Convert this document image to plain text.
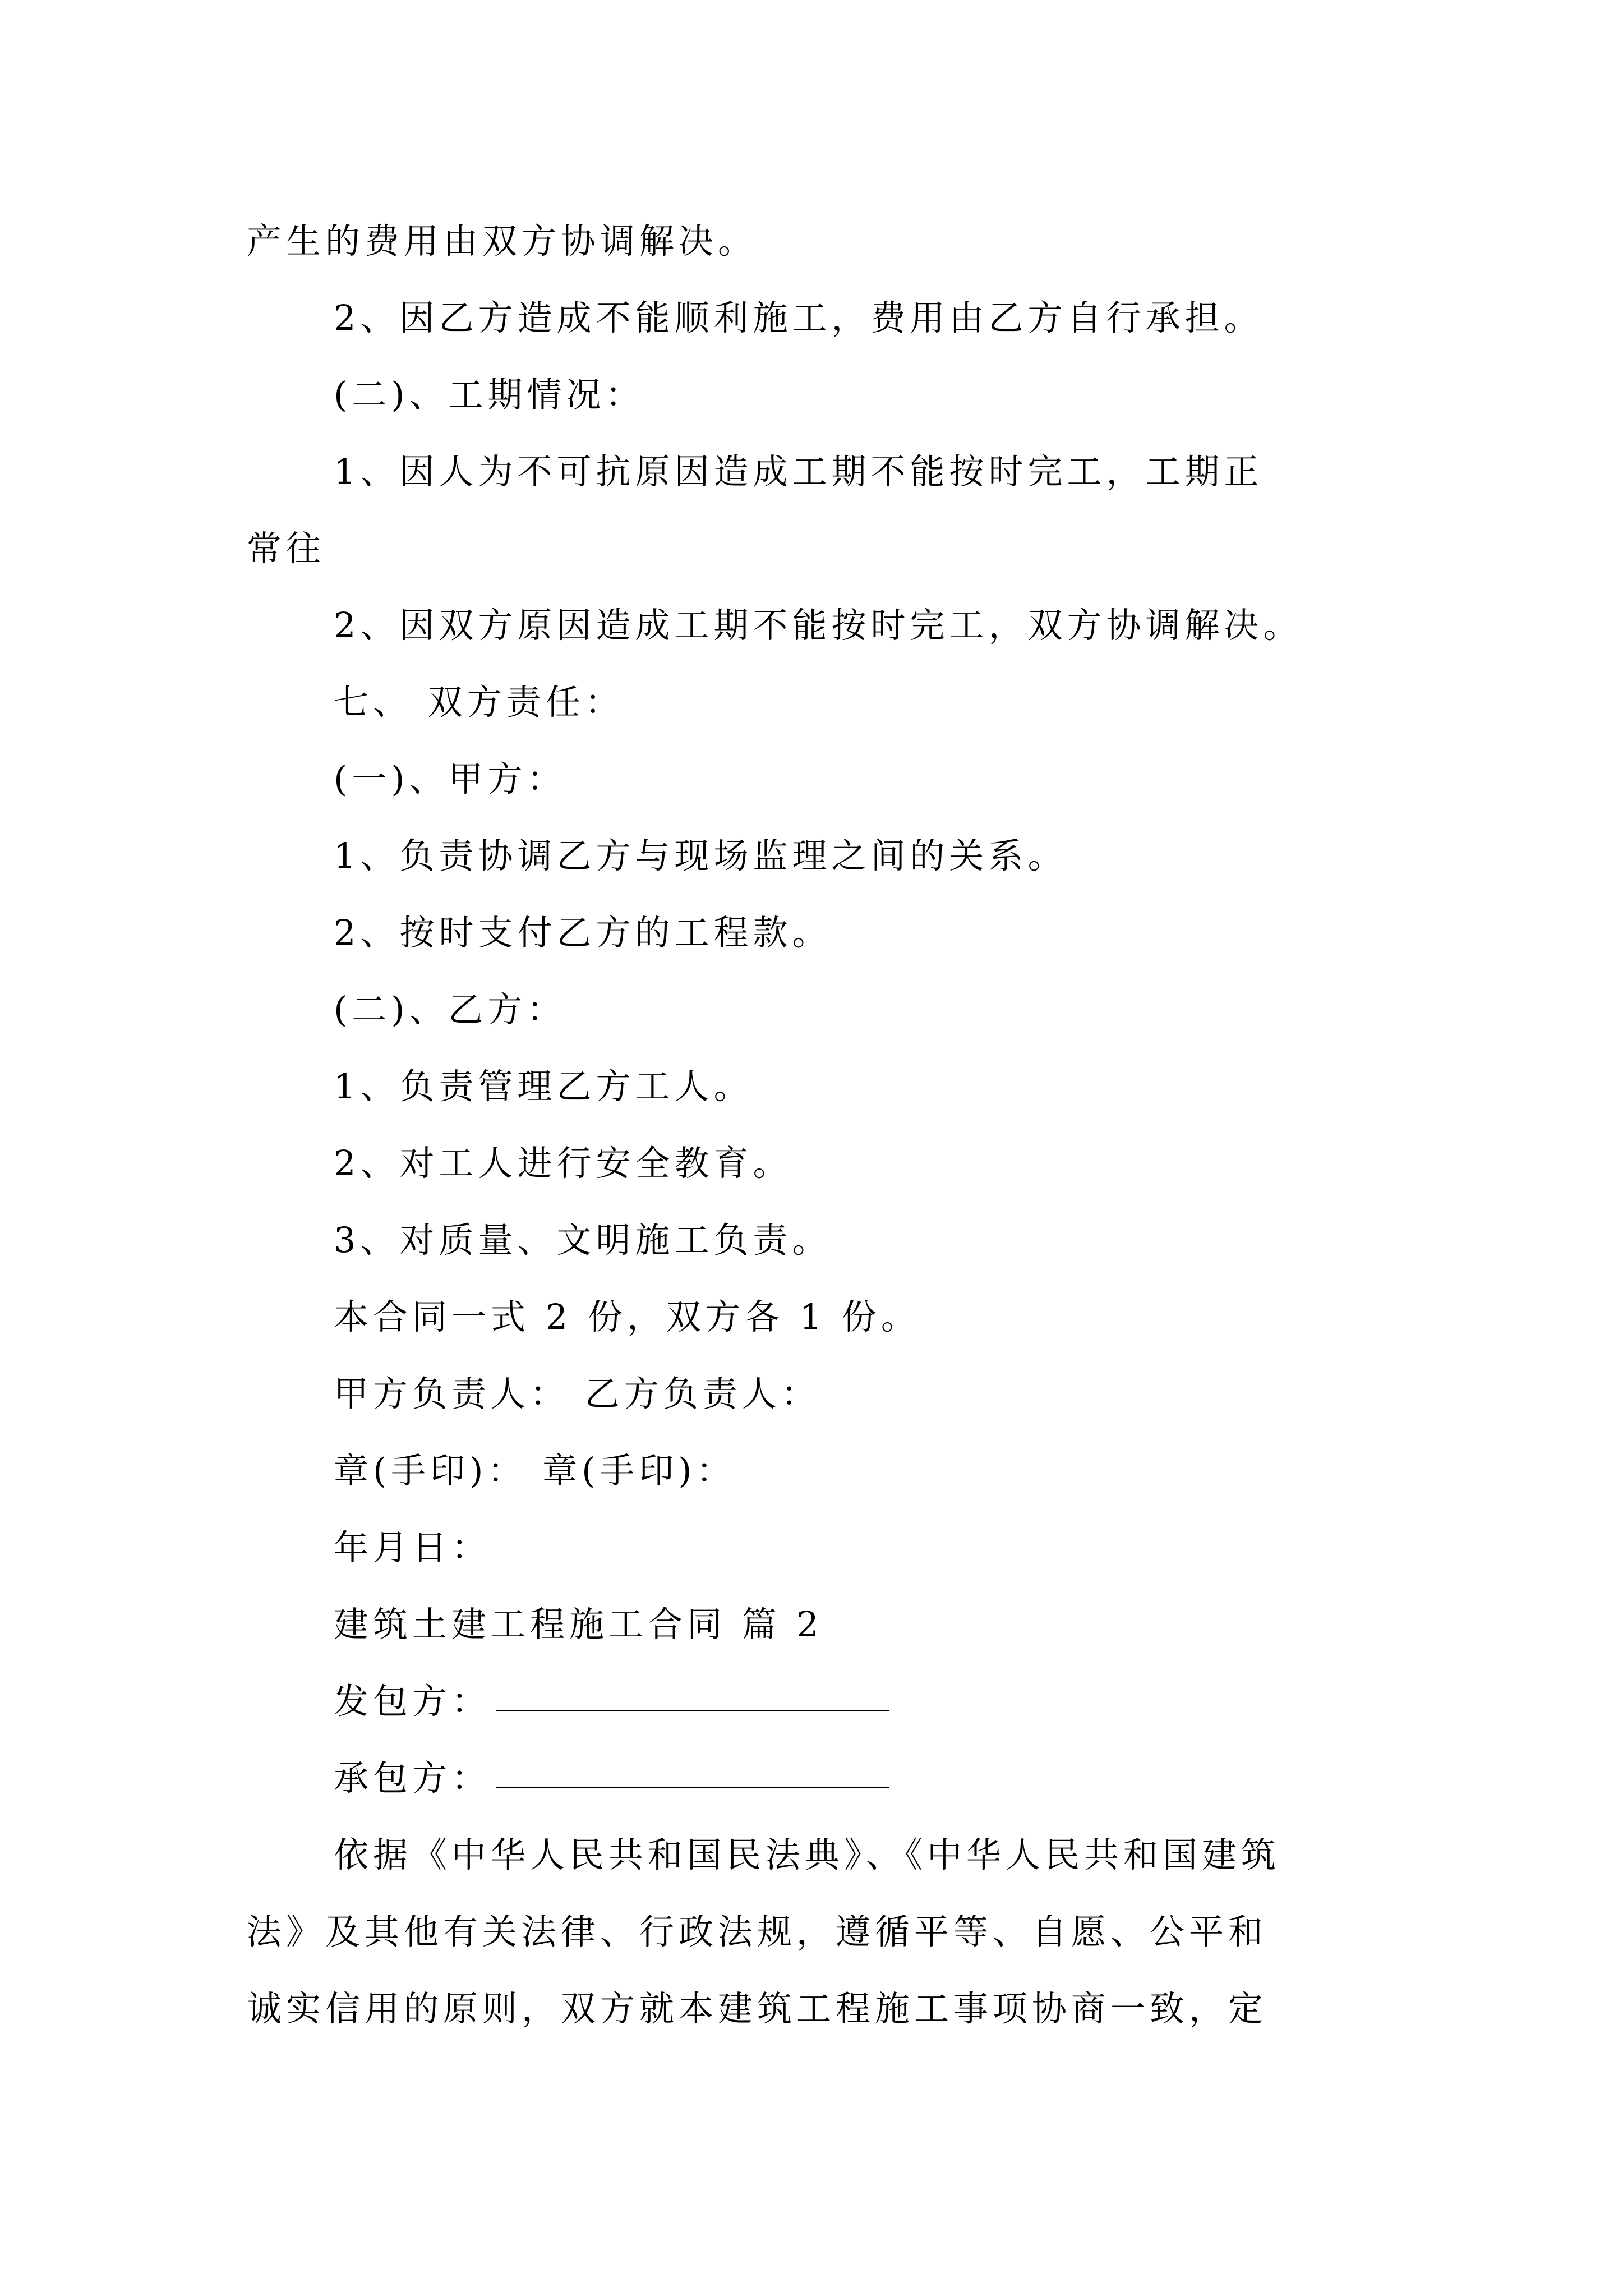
产生的费用由双方协调解决。
2、因乙方造成不能顺利施工，费用由乙方自行承担。
(二)、工期情况：
1、因人为不可抗原因造成工期不能按时完工，工期正
常往
2、因双方原因造成工期不能按时完工，双方协调解决。
七、 双方责任：
(一)、甲方：
1、负责协调乙方与现场监理之间的关系。
2、按时支付乙方的工程款。
(二)、乙方：
1、负责管理乙方工人。
2、对工人进行安全教育。
3、对质量、文明施工负责。
本合同一式 2 份，双方各 1 份。
甲方负责人： 乙方负责人：
章(手印)： 章(手印)：
年月日：
建筑土建工程施工合同 篇 2
发包方：
承包方：
依据《中华人民共和国民法典》、《中华人民共和国建筑
法》及其他有关法律、行政法规，遵循平等、自愿、公平和
诚实信用的原则，双方就本建筑工程施工事项协商一致，定
